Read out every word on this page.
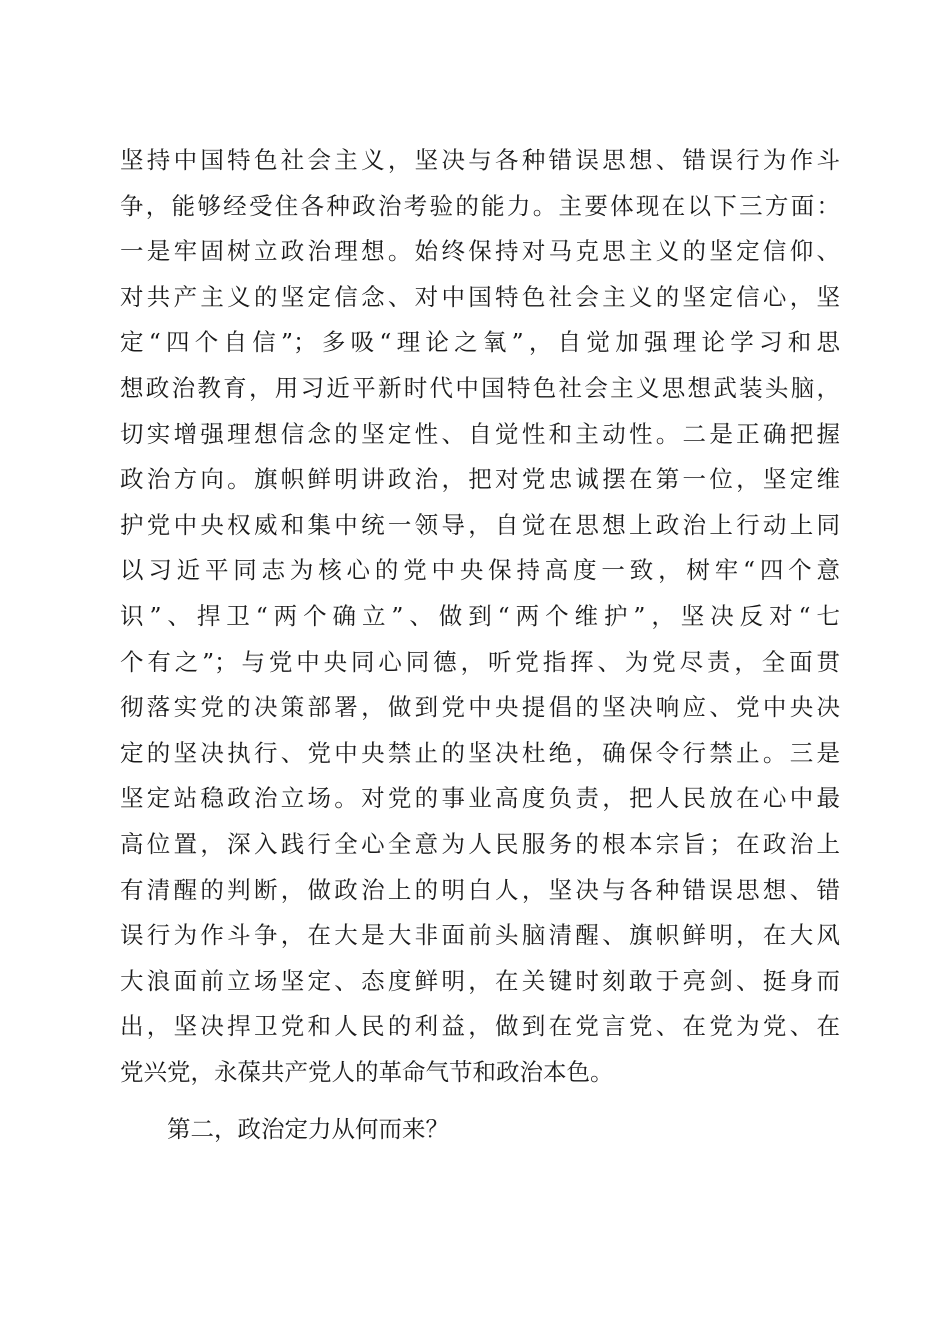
坚持中国特色社会主义，坚决与各种错误思想、错误行为作斗
争，能够经受住各种政治考验的能力。主要体现在以下三方面：
一是牢固树立政治理想。始终保持对马克思主义的坚定信仰、
对共产主义的坚定信念、对中国特色社会主义的坚定信心，坚
定“四个自信”；多吸“理论之氧”，自觉加强理论学习和思
想政治教育，用习近平新时代中国特色社会主义思想武装头脑，
切实增强理想信念的坚定性、自觉性和主动性。二是正确把握
政治方向。旗帜鲜明讲政治，把对党忠诚摆在第一位，坚定维
护党中央权威和集中统一领导，自觉在思想上政治上行动上同
以习近平同志为核心的党中央保持高度一致，树牢“四个意
识”、捍卫“两个确立”、做到“两个维护”，坚决反对“七
个有之”；与党中央同心同德，听党指挥、为党尽责，全面贯
彻落实党的决策部署，做到党中央提倡的坚决响应、党中央决
定的坚决执行、党中央禁止的坚决杜绝，确保令行禁止。三是
坚定站稳政治立场。对党的事业高度负责，把人民放在心中最
高位置，深入践行全心全意为人民服务的根本宗旨；在政治上
有清醒的判断，做政治上的明白人，坚决与各种错误思想、错
误行为作斗争，在大是大非面前头脑清醒、旗帜鲜明，在大风
大浪面前立场坚定、态度鲜明，在关键时刻敢于亮剑、挺身而
出，坚决捍卫党和人民的利益，做到在党言党、在党为党、在
党兴党，永葆共产党人的革命气节和政治本色。
第二，政治定力从何而来？
